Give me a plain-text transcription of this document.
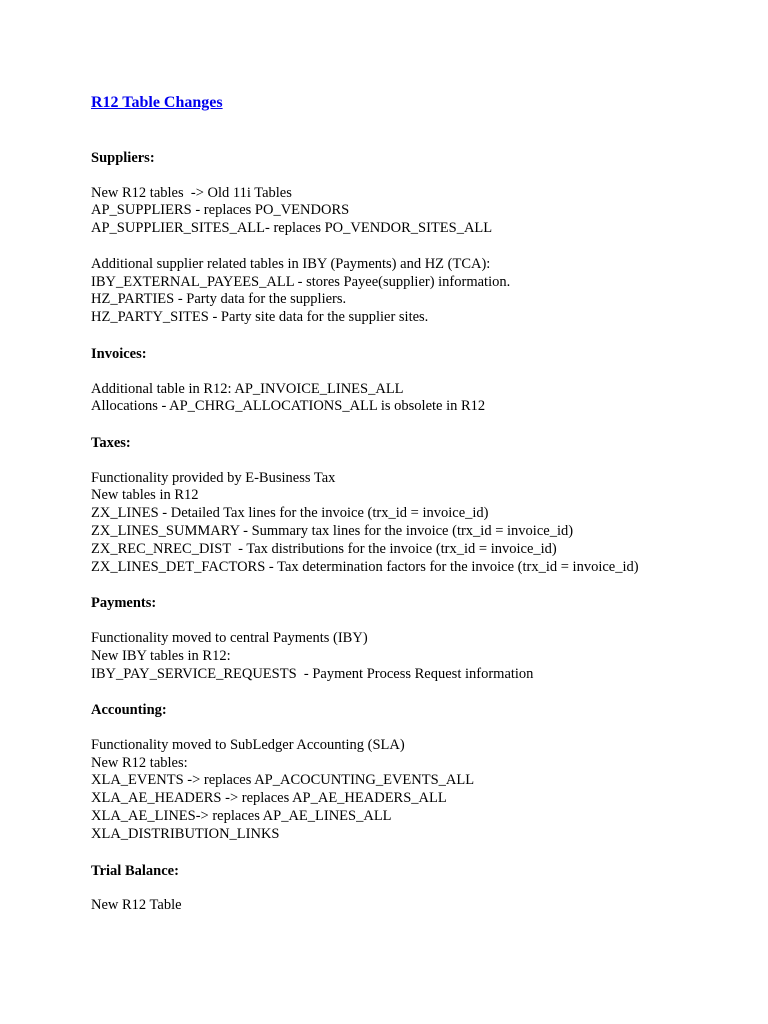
R12 Table Changes

Suppliers:

New R12 tables  -> Old 11i Tables

AP_SUPPLIERS - replaces PO_VENDORS

AP_SUPPLIER_SITES_ALL- replaces PO_VENDOR_SITES_ALL

Additional supplier related tables in IBY (Payments) and HZ (TCA):

IBY_EXTERNAL_PAYEES_ALL - stores Payee(supplier) information.

HZ_PARTIES - Party data for the suppliers.

HZ_PARTY_SITES - Party site data for the supplier sites.

Invoices:

Additional table in R12: AP_INVOICE_LINES_ALL

Allocations - AP_CHRG_ALLOCATIONS_ALL is obsolete in R12

Taxes:

Functionality provided by E-Business Tax

New tables in R12

ZX_LINES - Detailed Tax lines for the invoice (trx_id = invoice_id)

ZX_LINES_SUMMARY - Summary tax lines for the invoice (trx_id = invoice_id)

ZX_REC_NREC_DIST  - Tax distributions for the invoice (trx_id = invoice_id)

ZX_LINES_DET_FACTORS - Tax determination factors for the invoice (trx_id = invoice_id)

Payments:

Functionality moved to central Payments (IBY)

New IBY tables in R12:

IBY_PAY_SERVICE_REQUESTS  - Payment Process Request information

Accounting:

Functionality moved to SubLedger Accounting (SLA)

New R12 tables:

XLA_EVENTS -> replaces AP_ACOCUNTING_EVENTS_ALL

XLA_AE_HEADERS -> replaces AP_AE_HEADERS_ALL

XLA_AE_LINES-> replaces AP_AE_LINES_ALL

XLA_DISTRIBUTION_LINKS

Trial Balance:

New R12 Table
